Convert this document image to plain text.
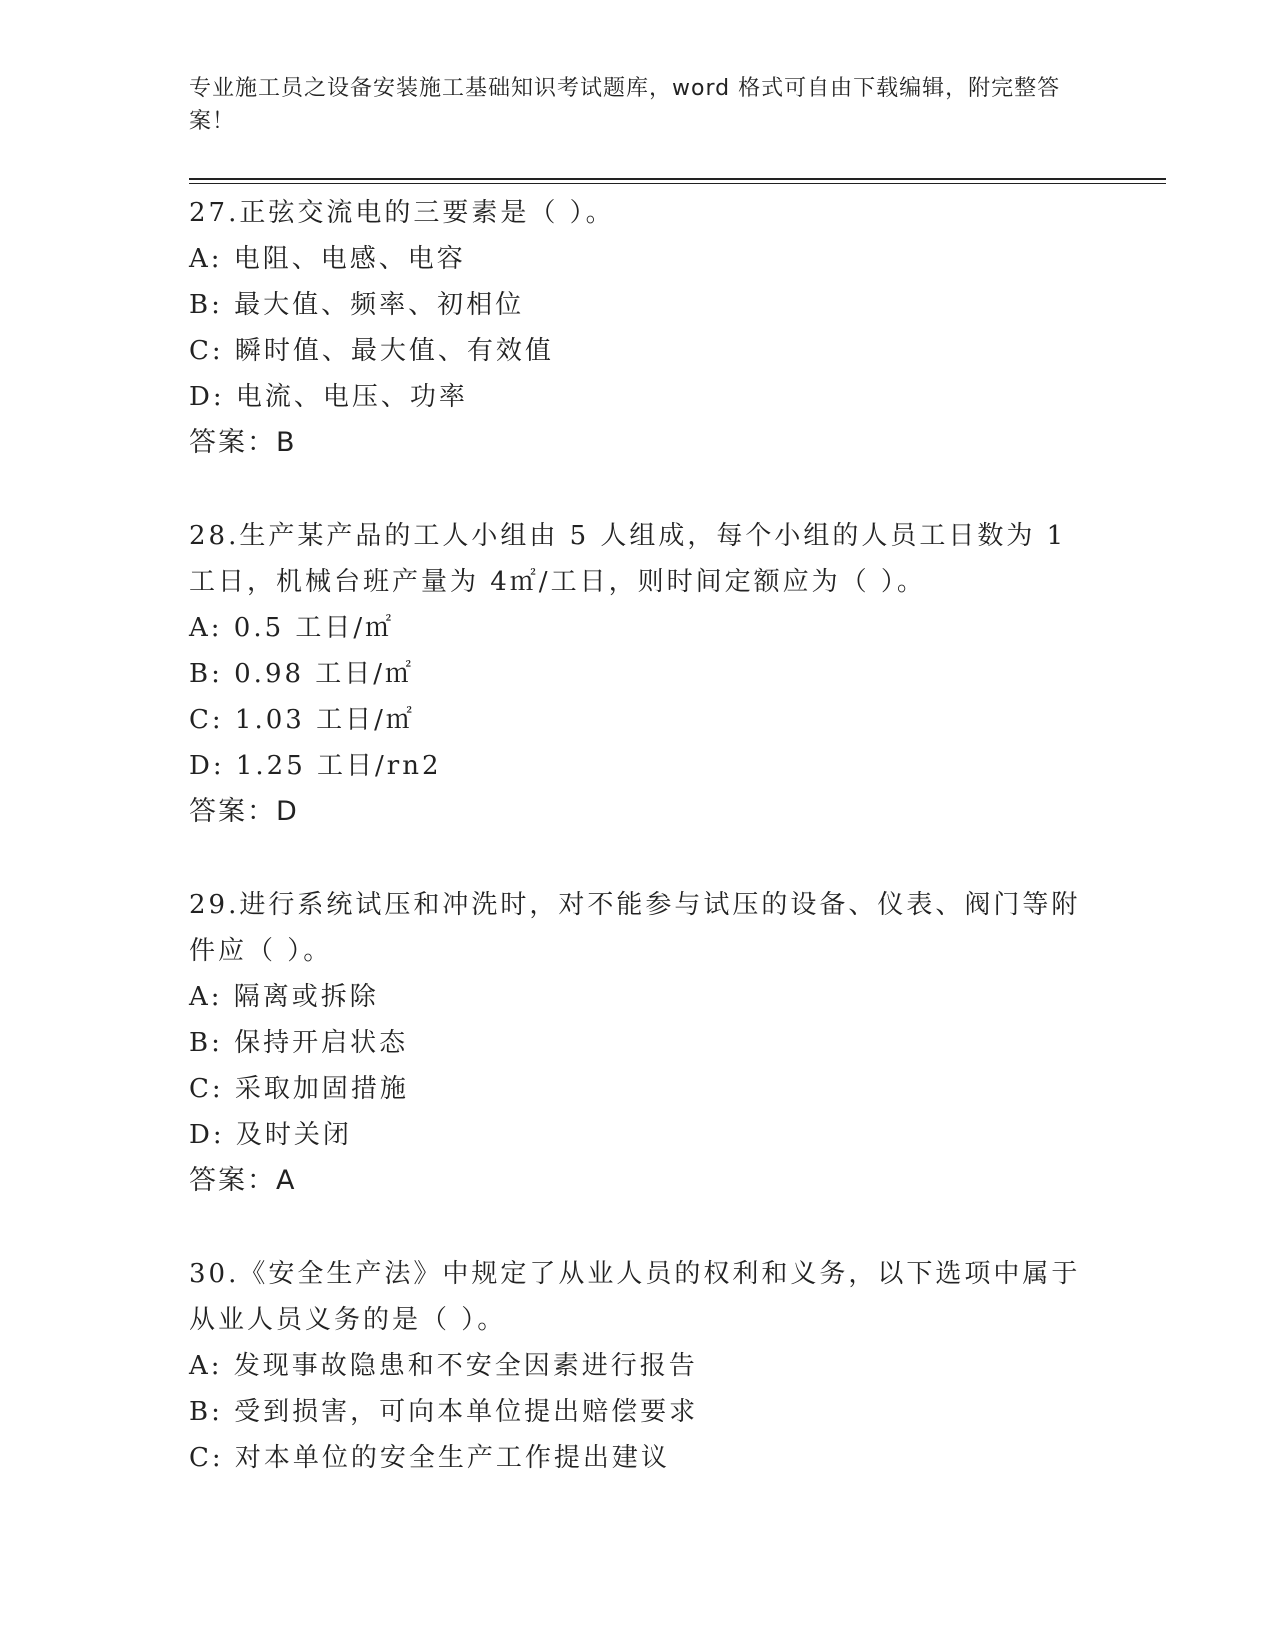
专业施工员之设备安装施工基础知识考试题库，word 格式可自由下载编辑，附完整答案！
27.正弦交流电的三要素是（ ）。
A: 电阻、电感、电容
B: 最大值、频率、初相位
C: 瞬时值、最大值、有效值
D: 电流、电压、功率
答案：B
28.生产某产品的工人小组由 5 人组成，每个小组的人员工日数为 1 工日，机械台班产量为 4㎡/工日，则时间定额应为（ ）。
A: 0.5 工日/㎡
B: 0.98 工日/㎡
C: 1.03 工日/㎡
D: 1.25 工日/rn2
答案：D
29.进行系统试压和冲洗时，对不能参与试压的设备、仪表、阀门等附件应（ ）。
A: 隔离或拆除
B: 保持开启状态
C: 采取加固措施
D: 及时关闭
答案：A
30.《安全生产法》中规定了从业人员的权利和义务，以下选项中属于从业人员义务的是（ ）。
A: 发现事故隐患和不安全因素进行报告
B: 受到损害，可向本单位提出赔偿要求
C: 对本单位的安全生产工作提出建议
